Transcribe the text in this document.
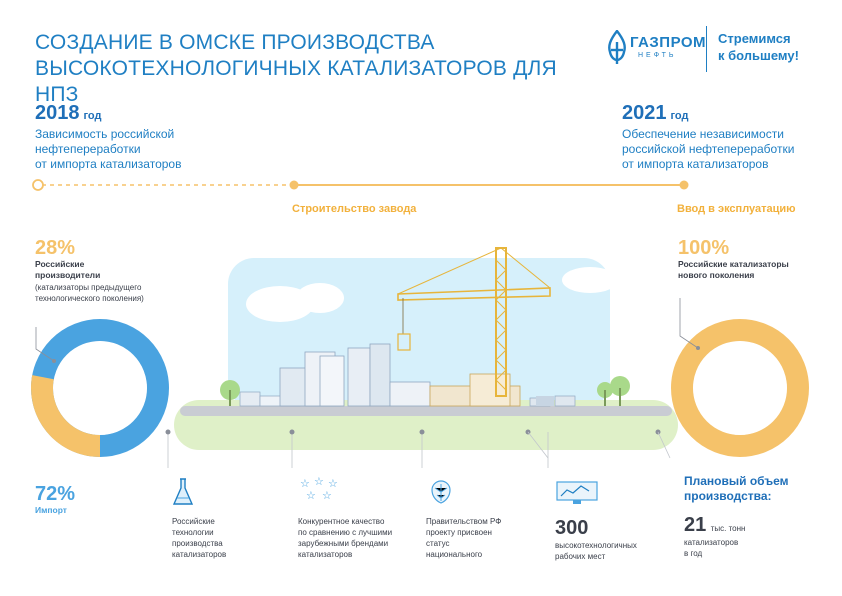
СОЗДАНИЕ В ОМСКЕ ПРОИЗВОДСТВА
ВЫСОКОТЕХНОЛОГИЧНЫХ КАТАЛИЗАТОРОВ ДЛЯ НПЗ
ГАЗПРОМ
НЕФТЬ
Стремимся
к большему!
2018 год
Зависимость российской
нефтепереработки
от импорта катализаторов
2021 год
Обеспечение независимости
российской нефтепереработки
от импорта катализаторов
Строительство завода	Ввод в эксплуатацию
28%
Российские
производители
(катализаторы предыдущего
технологического поколения)
72%
Импорт
100%
Российские катализаторы
нового поколения
Российские
технологии
производства
катализаторов
☆ ☆ ☆
☆ ☆
Конкурентное качество
по сравнению с лучшими
зарубежными брендами
катализаторов
Правительством РФ
проекту присвоен
статус
национального
300
высокотехнологичных
рабочих мест
Плановый объем
производства:
21 тыс. тонн
катализаторов
в год
